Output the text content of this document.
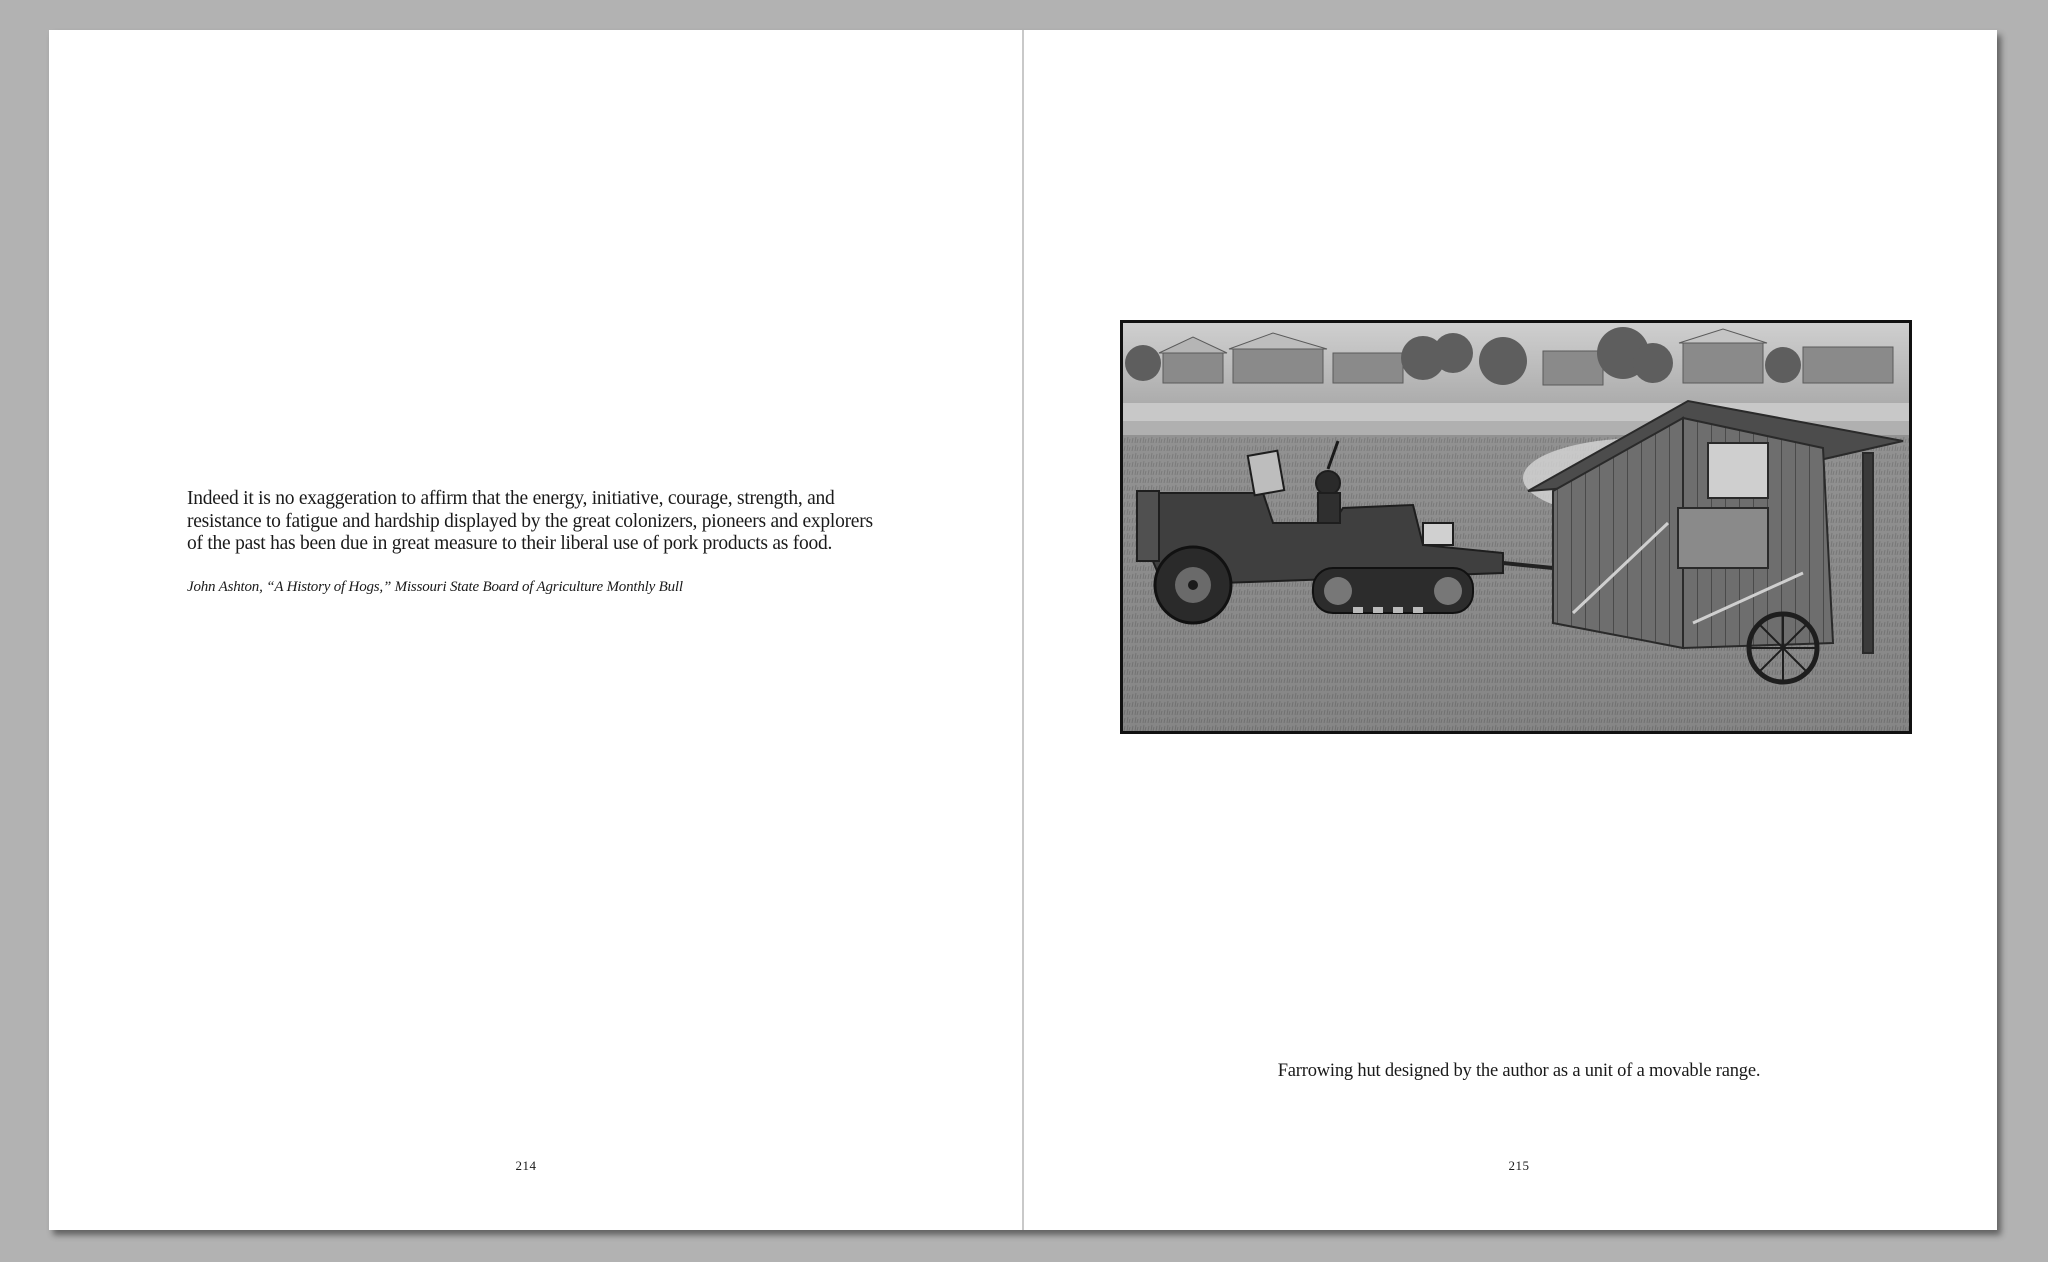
Indeed it is no exaggeration to affirm that the energy, initiative, courage, strength, and resistance to fatigue and hardship displayed by the great colonizers, pioneers and explorers of the past has been due in great measure to their liberal use of pork products as food.

John Ashton, “A History of Hogs,” Missouri State Board of Agriculture Monthly Bull

214

Farrowing hut designed by the author as a unit of a movable range.

215
